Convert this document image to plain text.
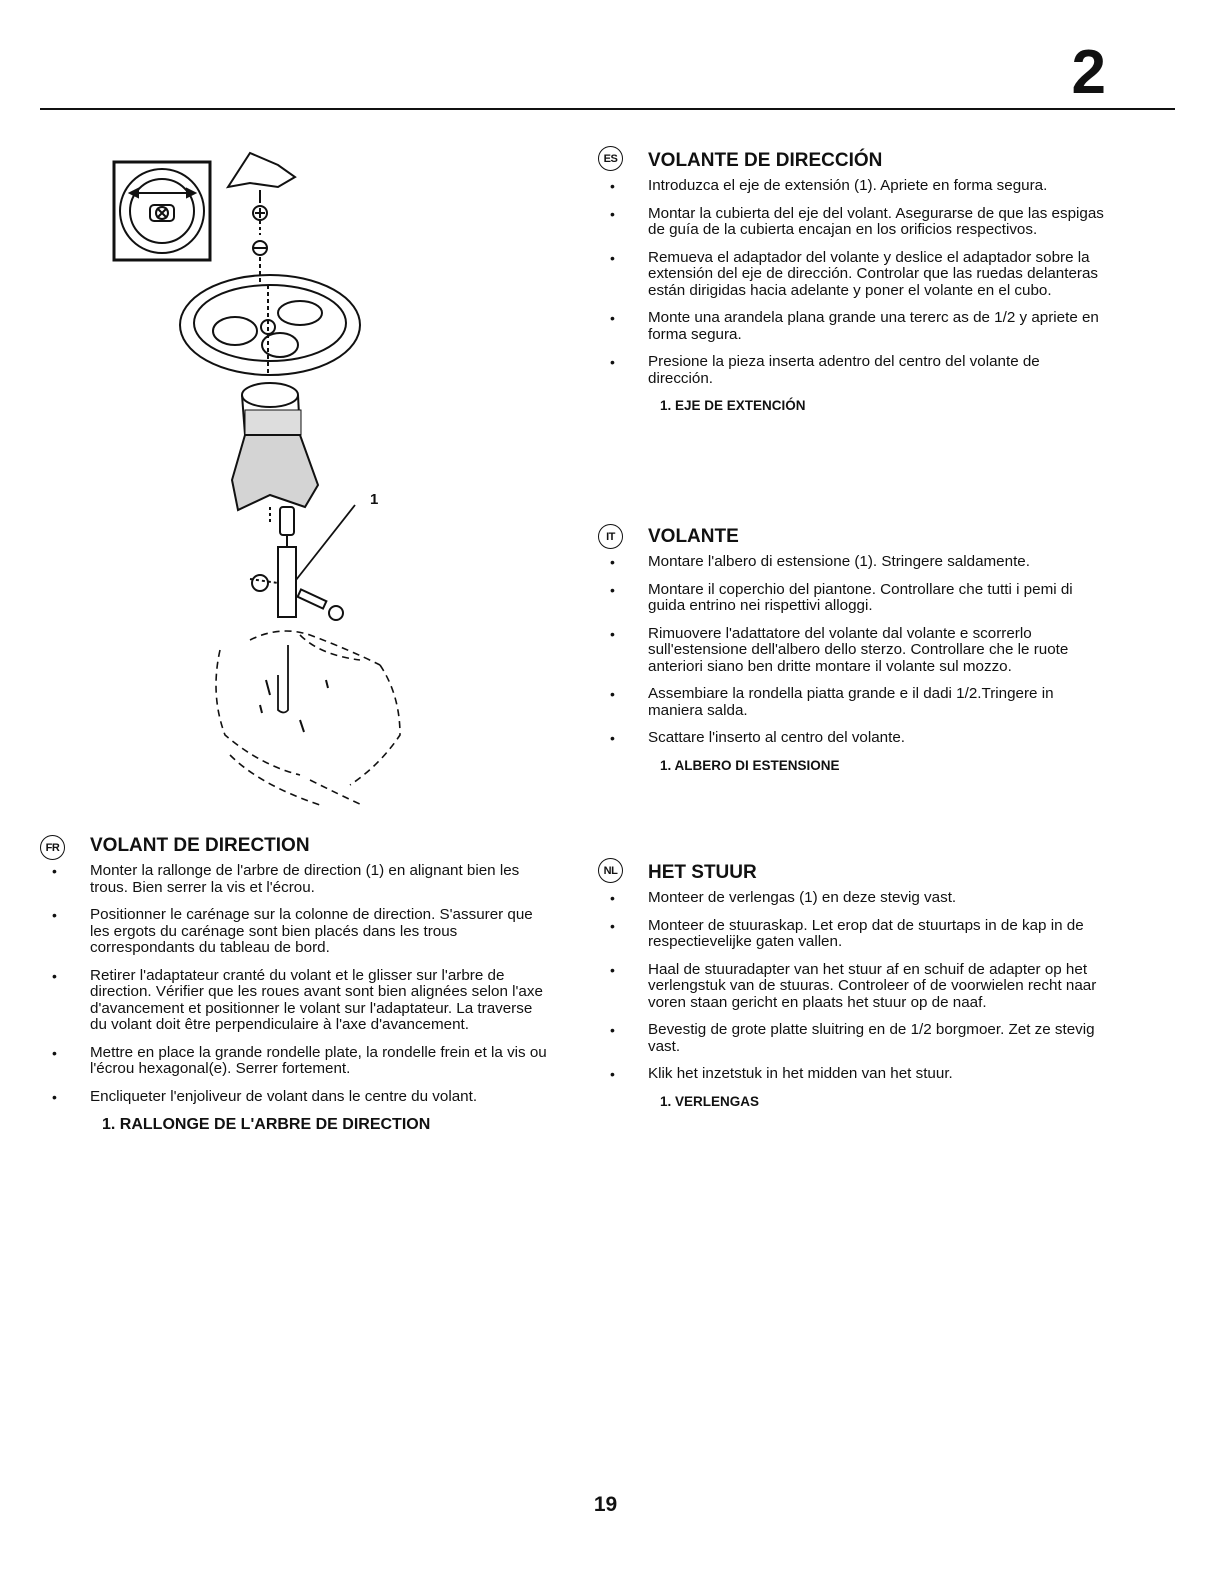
2
1
FR VOLANT DE DIRECTION
• Monter la rallonge de l'arbre de direction (1) en alignant bien les trous. Bien serrer la vis et l'écrou.
• Positionner le carénage sur la colonne de direction. S'assurer que les ergots du carénage sont bien placés dans les trous correspondants du tableau de bord.
• Retirer l'adaptateur cranté du volant et le glisser sur l'arbre de direction. Vérifier que les roues avant sont bien alignées selon l'axe d'avancement et positionner le volant sur l'adaptateur. La traverse du volant doit être perpendiculaire à l'axe d'avancement.
• Mettre en place la grande rondelle plate, la rondelle frein et la vis ou l'écrou hexagonal(e). Serrer fortement.
• Encliqueter l'enjoliveur de volant dans le centre du volant.
1. RALLONGE DE L'ARBRE DE DIRECTION
ES VOLANTE DE DIRECCIÓN
• Introduzca el eje de extensión (1). Apriete en forma segura.
• Montar la cubierta del eje del volant. Asegurarse de que las espigas de guía de la cubierta encajan en los orificios respectivos.
• Remueva el adaptador del volante y deslice el adaptador sobre la extensión del eje de dirección. Controlar que las ruedas delanteras están dirigidas hacia adelante y poner el volante en el cubo.
• Monte una arandela plana grande una tererc as de 1/2 y apriete en forma segura.
• Presione la pieza inserta adentro del centro del volante de dirección.
1. EJE DE EXTENCIÓN
IT	VOLANTE
• Montare l'albero di estensione (1). Stringere saldamente.
• Montare il coperchio del piantone. Controllare che tutti i pemi di guida entrino nei rispettivi alloggi.
• Rimuovere l'adattatore del volante dal volante e scorrerlo sull'estensione dell'albero dello sterzo. Controllare che le ruote anteriori siano ben dritte montare il volante sul mozzo.
• Assembiare la rondella piatta grande e il dadi 1/2.Tringere in maniera salda.
• Scattare l'inserto al centro del volante.
1. ALBERO DI ESTENSIONE
NL HET STUUR
• Monteer de verlengas (1) en deze stevig vast.
• Monteer de stuuraskap. Let erop dat de stuurtaps in de kap in de respectievelijke gaten vallen.
• Haal de stuuradapter van het stuur af en schuif de adapter op het verlengstuk van de stuuras. Controleer of de voorwielen recht naar voren staan gericht en plaats het stuur op de naaf.
• Bevestig de grote platte sluitring en de 1/2 borgmoer. Zet ze stevig vast.
• Klik het inzetstuk in het midden van het stuur.
1. VERLENGAS
19
